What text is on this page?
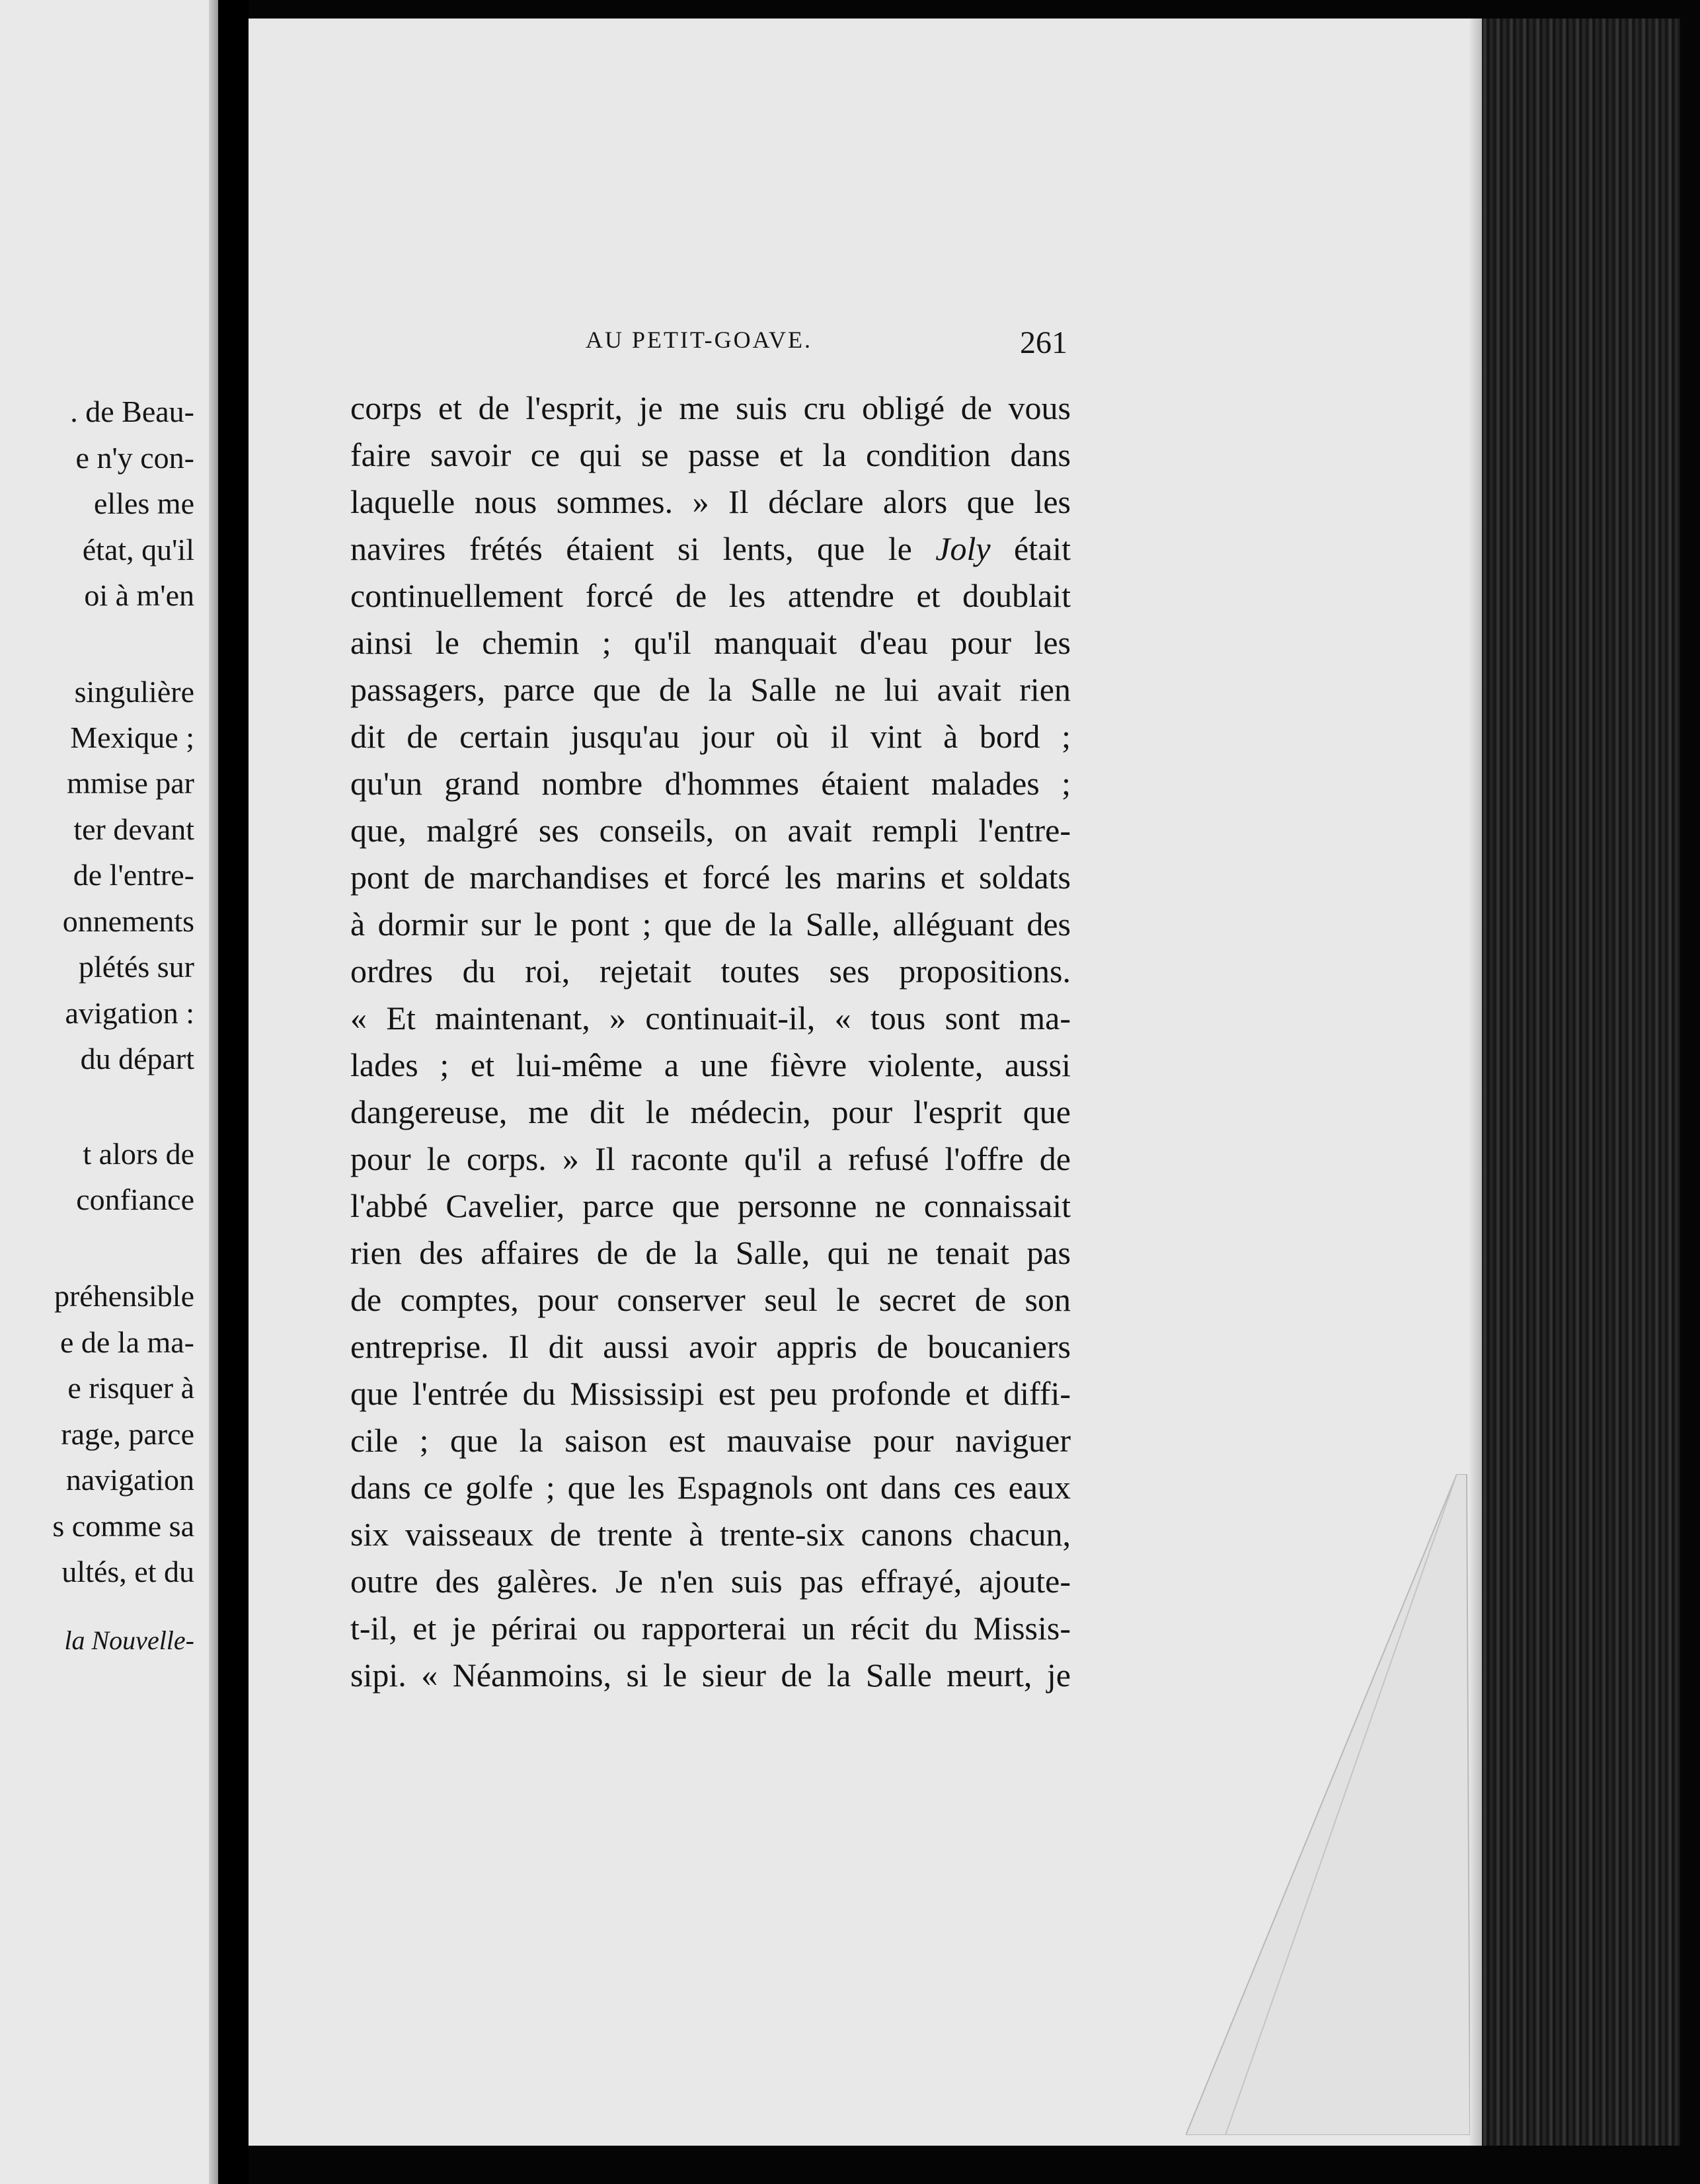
. de Beau-
e n'y con-
elles me
état, qu'il
oi à m'en
singulière
Mexique ;
mmise par
ter devant
de l'entre-
onnements
plétés sur
avigation :
du départ
t alors de
confiance
préhensible
e de la ma-
e risquer à
rage, parce
navigation
s comme sa
ultés, et du
la Nouvelle-
AU PETIT-GOAVE.	261
corps et de l'esprit, je me suis cru obligé de vous
faire savoir ce qui se passe et la condition dans
laquelle nous sommes. » Il déclare alors que les
navires frétés étaient si lents, que le Joly était
continuellement forcé de les attendre et doublait
ainsi le chemin ; qu'il manquait d'eau pour les
passagers, parce que de la Salle ne lui avait rien
dit de certain jusqu'au jour où il vint à bord ;
qu'un grand nombre d'hommes étaient malades ;
que, malgré ses conseils, on avait rempli l'entre-
pont de marchandises et forcé les marins et soldats
à dormir sur le pont ; que de la Salle, alléguant des
ordres du roi, rejetait toutes ses propositions.
« Et maintenant, » continuait-il, « tous sont ma-
lades ; et lui-même a une fièvre violente, aussi
dangereuse, me dit le médecin, pour l'esprit que
pour le corps. » Il raconte qu'il a refusé l'offre de
l'abbé Cavelier, parce que personne ne connaissait
rien des affaires de de la Salle, qui ne tenait pas
de comptes, pour conserver seul le secret de son
entreprise. Il dit aussi avoir appris de boucaniers
que l'entrée du Mississipi est peu profonde et diffi-
cile ; que la saison est mauvaise pour naviguer
dans ce golfe ; que les Espagnols ont dans ces eaux
six vaisseaux de trente à trente-six canons chacun,
outre des galères. Je n'en suis pas effrayé, ajoute-
t-il, et je périrai ou rapporterai un récit du Missis-
sipi. « Néanmoins, si le sieur de la Salle meurt, je
